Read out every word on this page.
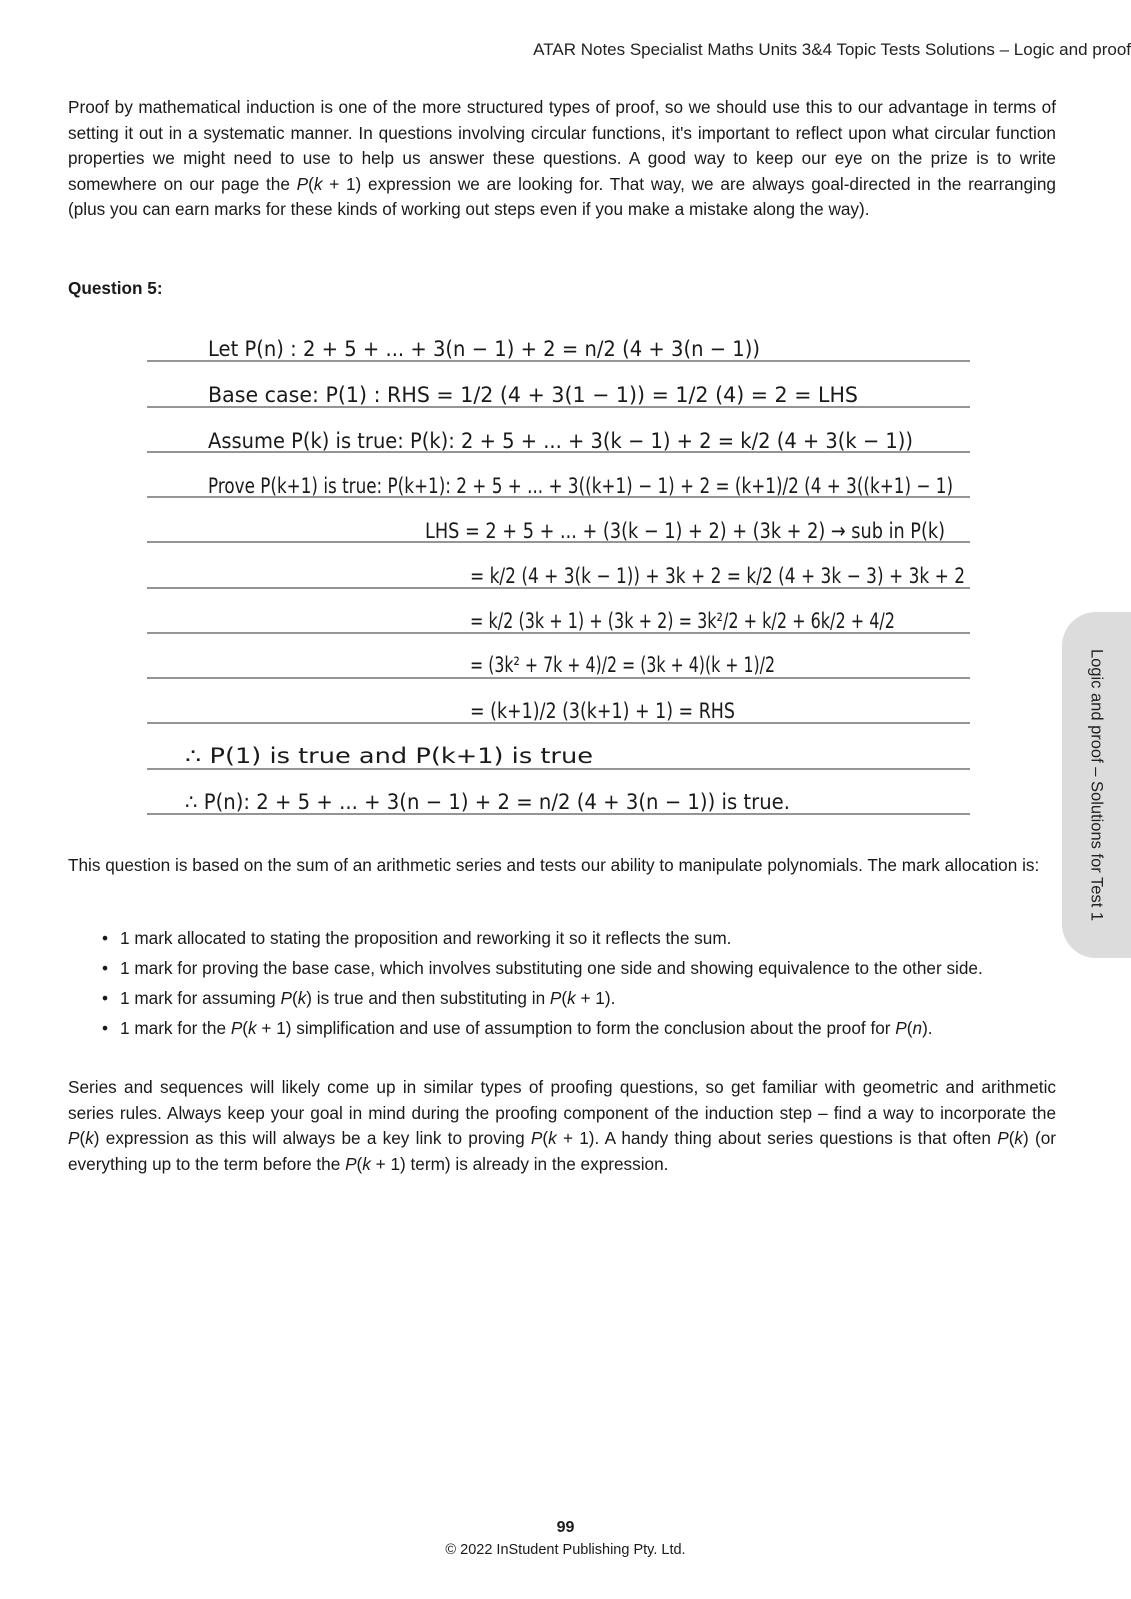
ATAR Notes Specialist Maths Units 3&4 Topic Tests Solutions – Logic and proof

Proof by mathematical induction is one of the more structured types of proof, so we should use this to our advantage in terms of setting it out in a systematic manner. In questions involving circular functions, it's important to reflect upon what circular function properties we might need to use to help us answer these questions. A good way to keep our eye on the prize is to write somewhere on our page the P(k + 1) expression we are looking for. That way, we are always goal-directed in the rearranging (plus you can earn marks for these kinds of working out steps even if you make a mistake along the way).

Question 5:
Let P(n) : 2 + 5 + ... + 3(n − 1) + 2 = n/2 (4 + 3(n − 1))
Base case: P(1) : RHS = 1/2 (4 + 3(1 − 1)) = 1/2 (4) = 2 = LHS
Assume P(k) is true: P(k): 2 + 5 + ... + 3(k − 1) + 2 = k/2 (4 + 3(k − 1))
Prove P(k+1) is true: P(k+1): 2 + 5 + ... + 3((k+1) − 1) + 2 = (k+1)/2 (4 + 3((k+1) − 1)
LHS = 2 + 5 + ... + (3(k − 1) + 2) + (3k + 2) → sub in P(k)
= k/2 (4 + 3(k − 1)) + 3k + 2 = k/2 (4 + 3k − 3) + 3k + 2
= k/2 (3k + 1) + (3k + 2) = 3k²/2 + k/2 + 6k/2 + 4/2
= (3k² + 7k + 4)/2 = (3k + 4)(k + 1)/2
= (k+1)/2 (3(k+1) + 1) = RHS
∴ P(1) is true and P(k+1) is true
∴ P(n): 2 + 5 + ... + 3(n − 1) + 2 = n/2 (4 + 3(n − 1)) is true.

This question is based on the sum of an arithmetic series and tests our ability to manipulate polynomials. The mark allocation is:

• 1 mark allocated to stating the proposition and reworking it so it reflects the sum.
• 1 mark for proving the base case, which involves substituting one side and showing equivalence to the other side.
• 1 mark for assuming P(k) is true and then substituting in P(k + 1).
• 1 mark for the P(k + 1) simplification and use of assumption to form the conclusion about the proof for P(n).

Series and sequences will likely come up in similar types of proofing questions, so get familiar with geometric and arithmetic series rules. Always keep your goal in mind during the proofing component of the induction step – find a way to incorporate the P(k) expression as this will always be a key link to proving P(k + 1). A handy thing about series questions is that often P(k) (or everything up to the term before the P(k + 1) term) is already in the expression.

Logic and proof – Solutions for Test 1
99
© 2022 InStudent Publishing Pty. Ltd.
